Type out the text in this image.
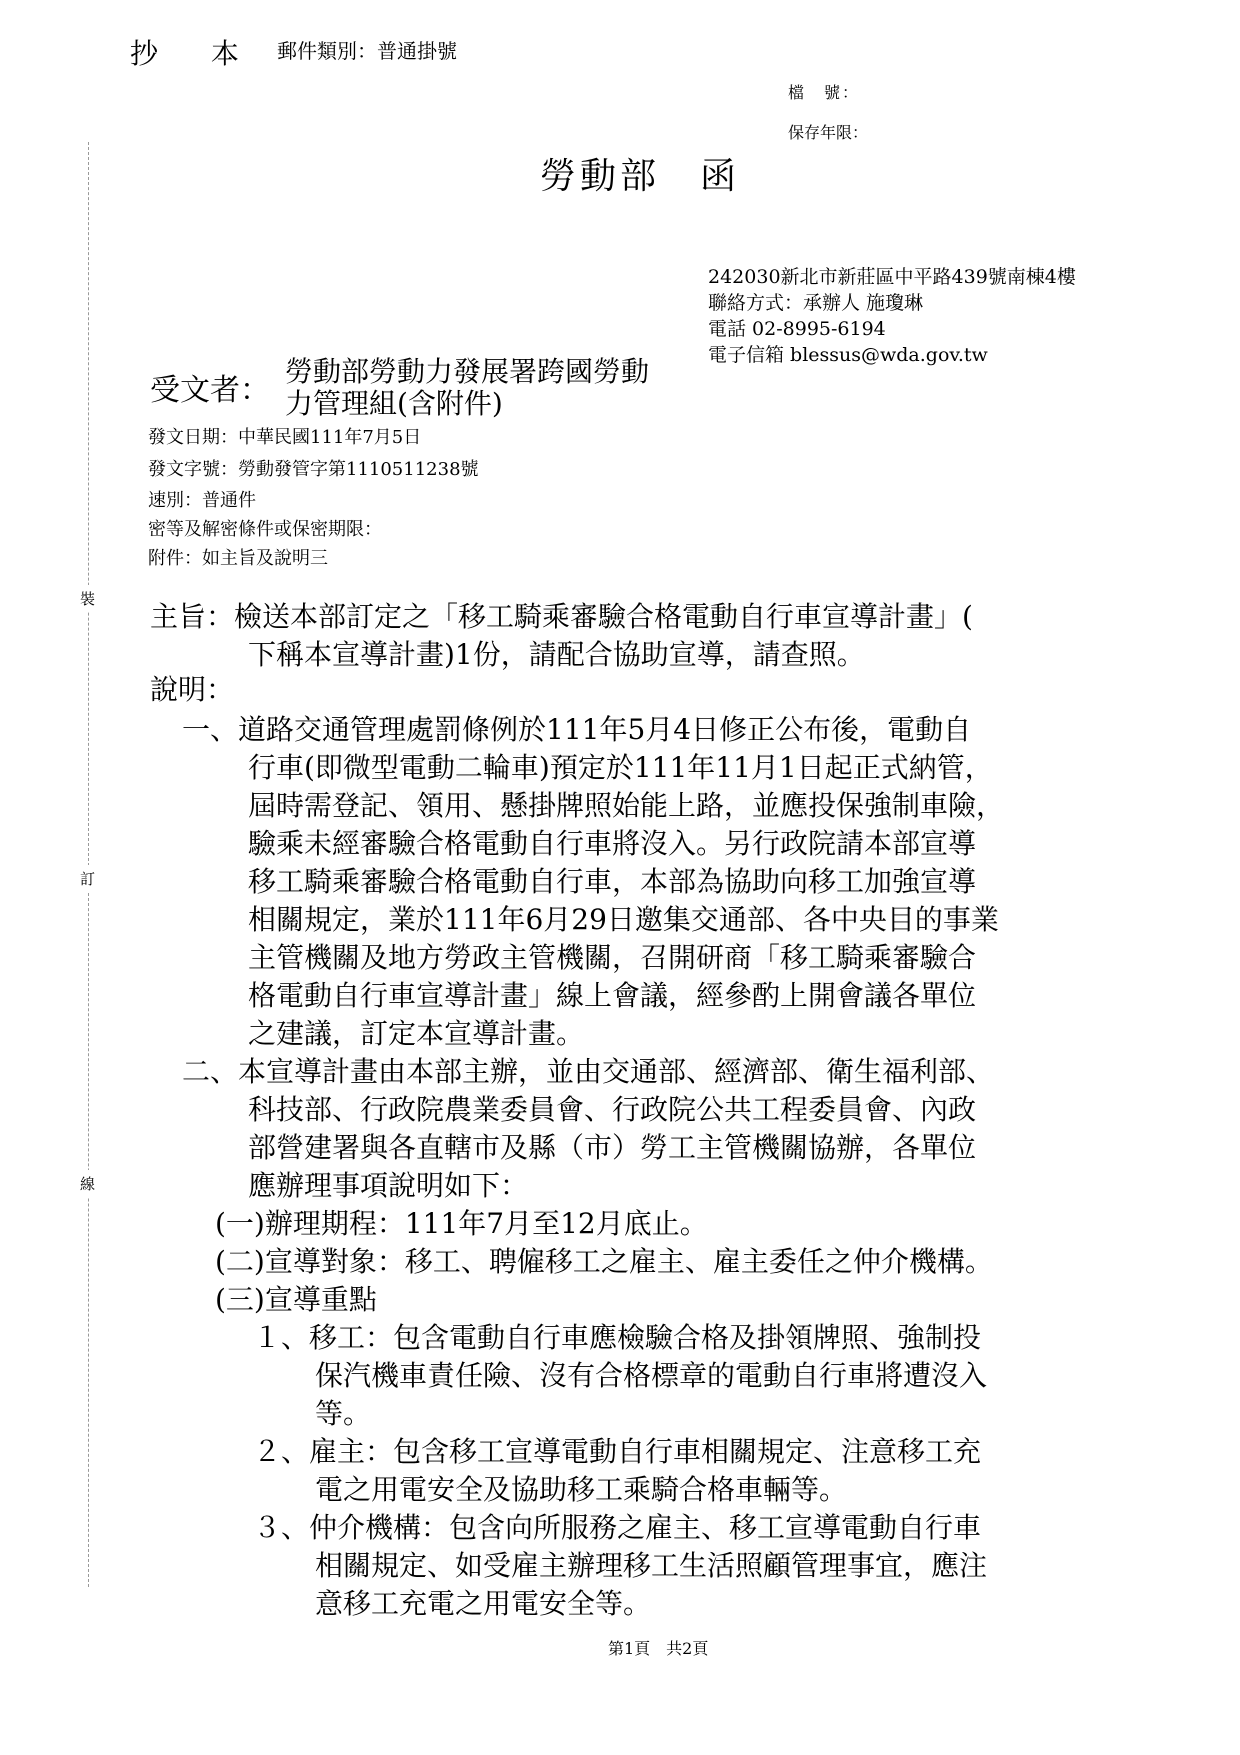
抄 本 郵件類別：普通掛號
檔　號：
保存年限：
裝
訂
線
勞動部　函
242030新北市新莊區中平路439號南棟4樓
聯絡方式：承辦人 施瓊琳
電話 02-8995-6194
電子信箱 blessus@wda.gov.tw
受文者：
勞動部勞動力發展署跨國勞動
力管理組(含附件)
發文日期：中華民國111年7月5日
發文字號：勞動發管字第1110511238號
速別：普通件
密等及解密條件或保密期限：
附件：如主旨及說明三
主旨：檢送本部訂定之「移工騎乘審驗合格電動自行車宣導計畫」(
下稱本宣導計畫)1份，請配合協助宣導，請查照。
說明：
一、道路交通管理處罰條例於111年5月4日修正公布後，電動自
行車(即微型電動二輪車)預定於111年11月1日起正式納管，
屆時需登記、領用、懸掛牌照始能上路，並應投保強制車險，
驗乘未經審驗合格電動自行車將沒入。另行政院請本部宣導
移工騎乘審驗合格電動自行車，本部為協助向移工加強宣導
相關規定，業於111年6月29日邀集交通部、各中央目的事業
主管機關及地方勞政主管機關，召開研商「移工騎乘審驗合
格電動自行車宣導計畫」線上會議，經參酌上開會議各單位
之建議，訂定本宣導計畫。
二、本宣導計畫由本部主辦，並由交通部、經濟部、衛生福利部、
科技部、行政院農業委員會、行政院公共工程委員會、內政
部營建署與各直轄市及縣（市）勞工主管機關協辦，各單位
應辦理事項說明如下：
(一)辦理期程：111年7月至12月底止。
(二)宣導對象：移工、聘僱移工之雇主、雇主委任之仲介機構。
(三)宣導重點
１、移工：包含電動自行車應檢驗合格及掛領牌照、強制投
保汽機車責任險、沒有合格標章的電動自行車將遭沒入
等。
２、雇主：包含移工宣導電動自行車相關規定、注意移工充
電之用電安全及協助移工乘騎合格車輛等。
３、仲介機構：包含向所服務之雇主、移工宣導電動自行車
相關規定、如受雇主辦理移工生活照顧管理事宜，應注
意移工充電之用電安全等。
第1頁　共2頁
